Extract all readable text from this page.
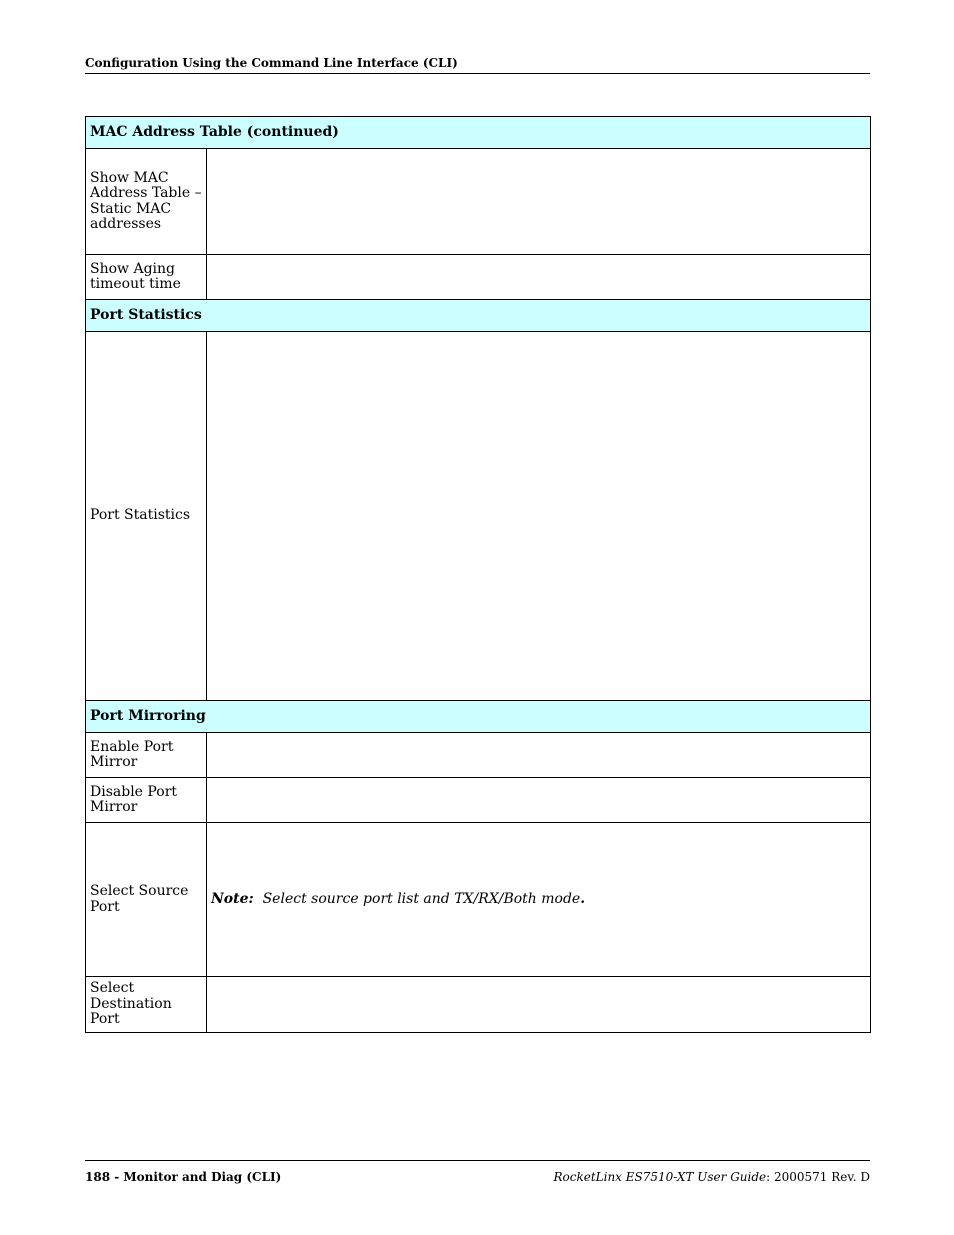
Configuration Using the Command Line Interface (CLI)
MAC Address Table (continued)	
Show MAC Address Table – Static MAC addresses	
Show Aging timeout time	
Port Statistics	
Port Statistics	
Port Mirroring	
Enable Port Mirror	
Disable Port Mirror	
Select Source Port	Note: Select source port list and TX/RX/Both mode.
Select Destination Port	
188 - Monitor and Diag (CLI)	RocketLinx ES7510-XT User Guide: 2000571 Rev. D
